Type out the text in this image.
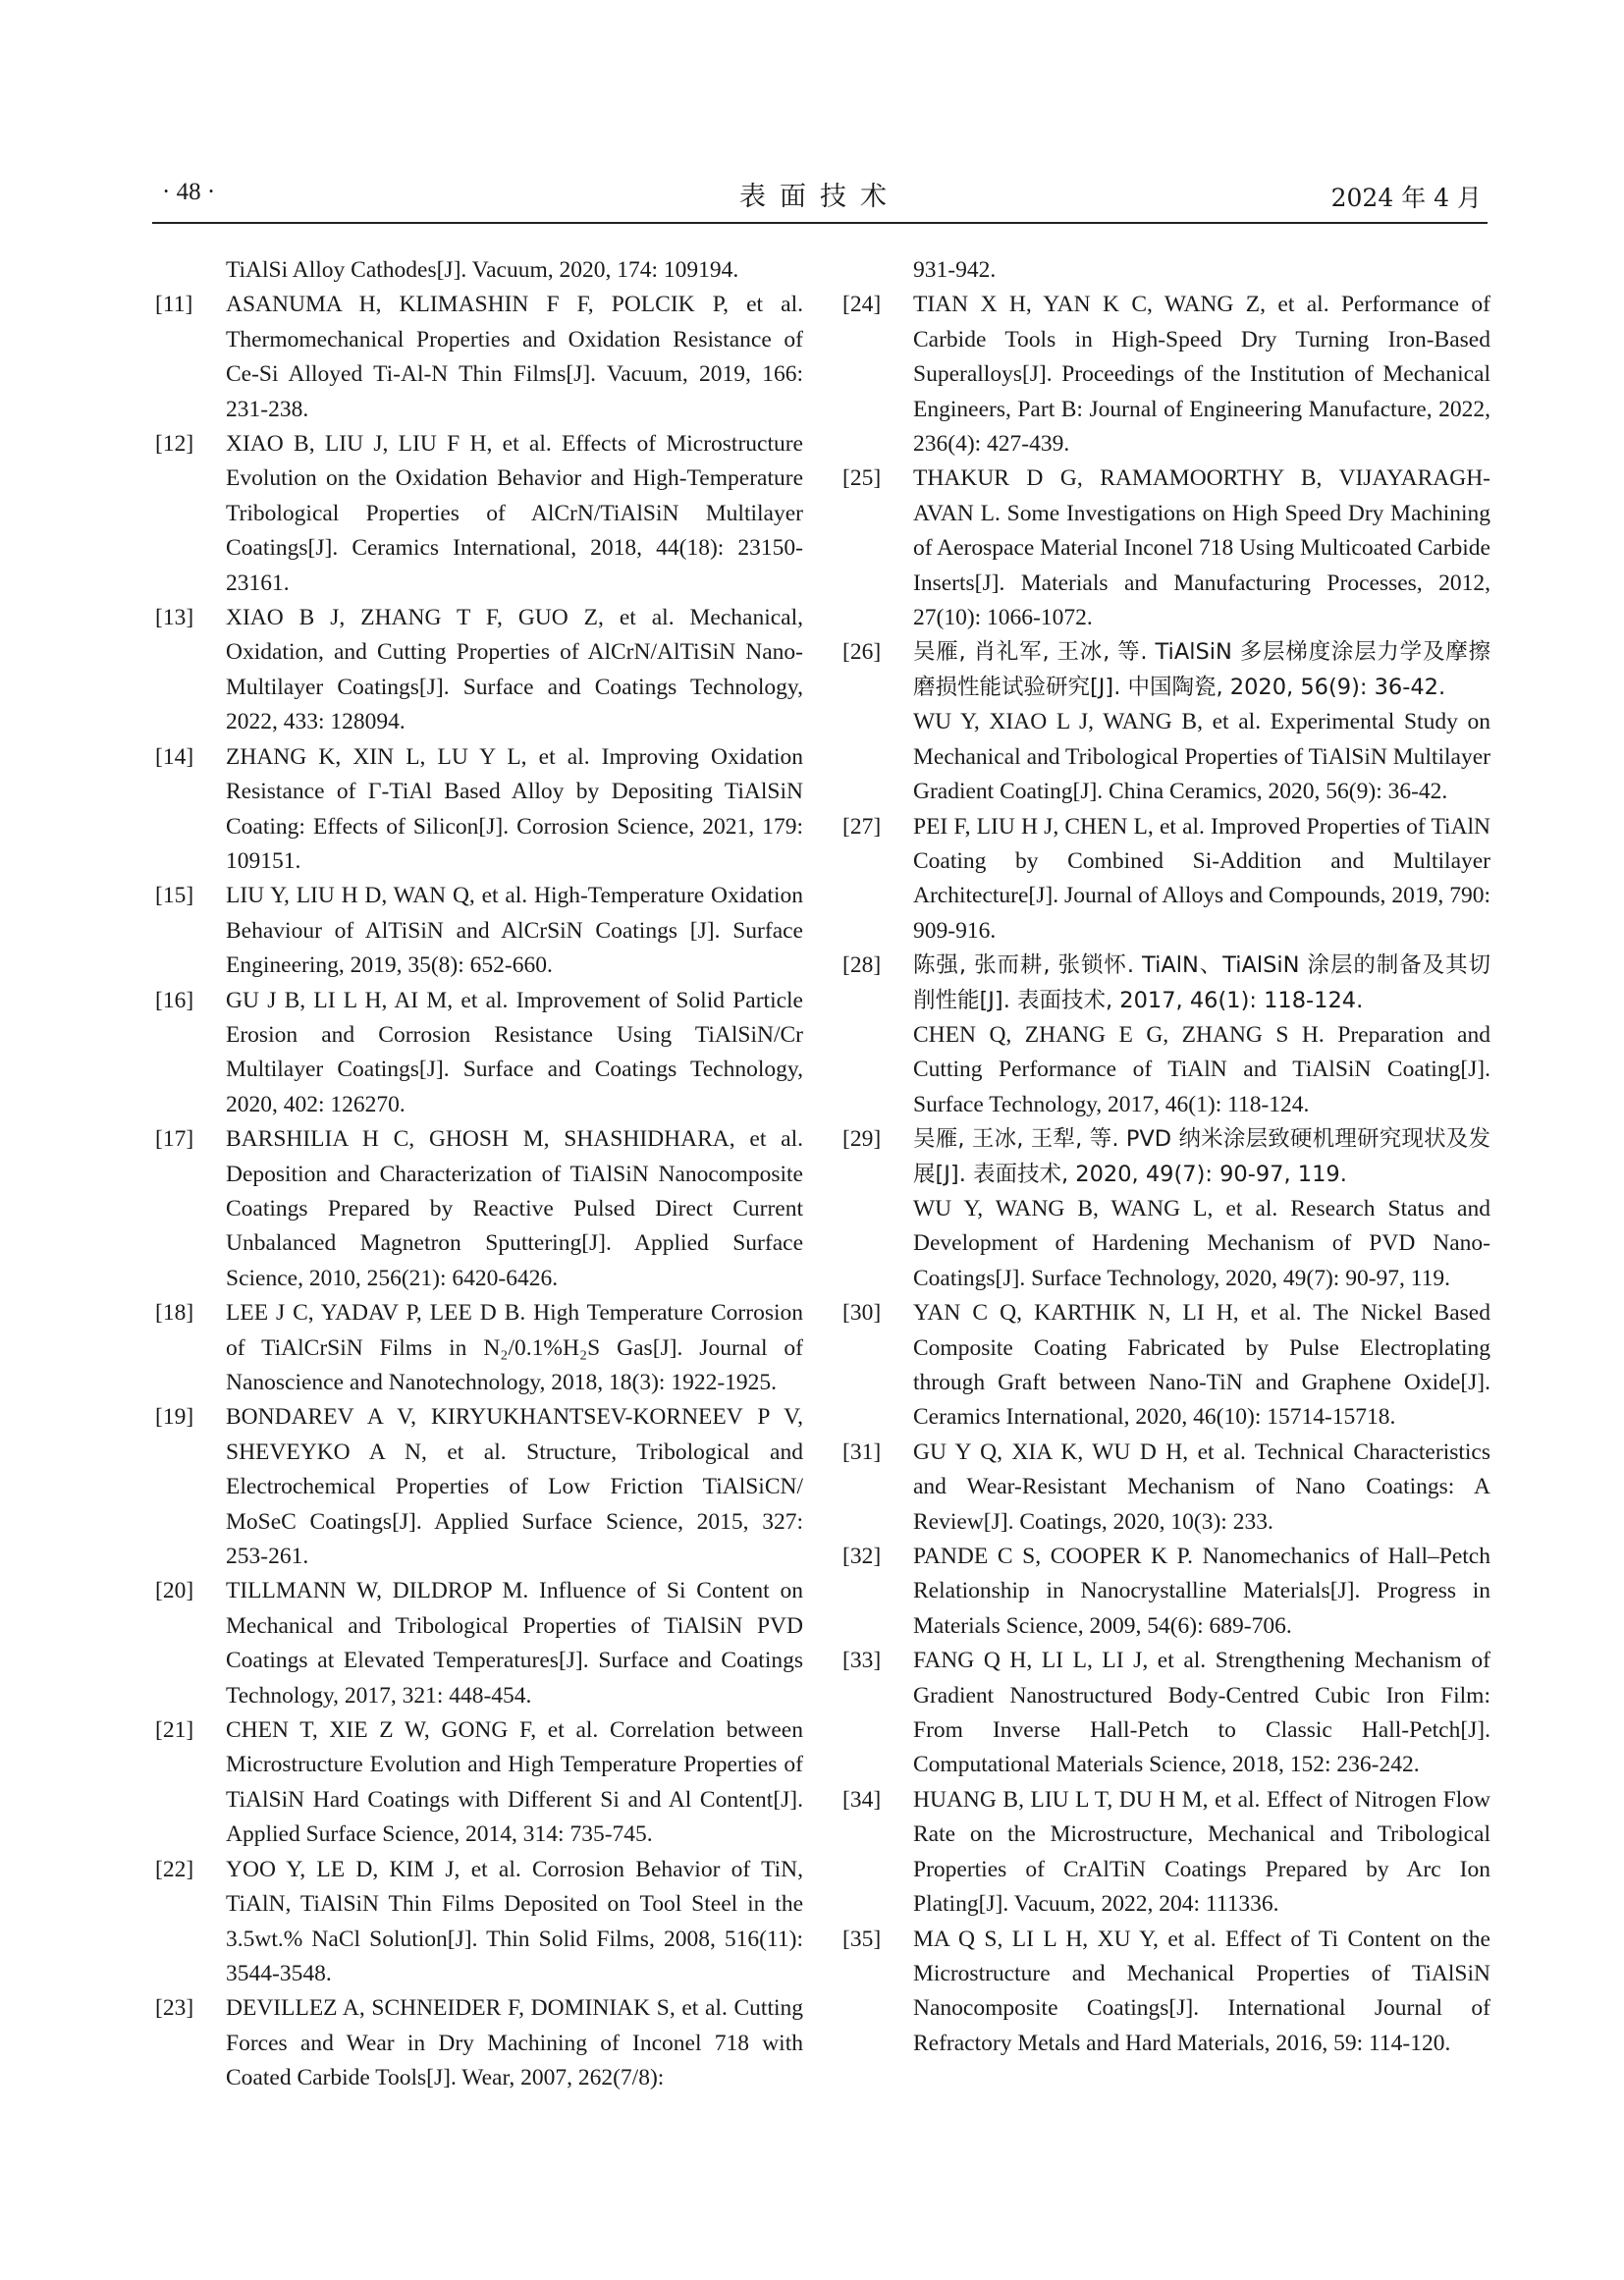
· 48 ·	表面技术	2024 年 4 月
TiAlSi Alloy Cathodes[J]. Vacuum, 2020, 174: 109194.
[11] ASANUMA H, KLIMASHIN F F, POLCIK P, et al. Thermomechanical Properties and Oxidation Resistance of Ce-Si Alloyed Ti-Al-N Thin Films[J]. Vacuum, 2019, 166: 231-238.
[12] XIAO B, LIU J, LIU F H, et al. Effects of Microstructure Evolution on the Oxidation Behavior and High-Temperature Tribological Properties of AlCrN/TiAlSiN Multilayer Coatings[J]. Ceramics International, 2018, 44(18): 23150-23161.
[13] XIAO B J, ZHANG T F, GUO Z, et al. Mechanical, Oxidation, and Cutting Properties of AlCrN/AlTiSiN Nano-Multilayer Coatings[J]. Surface and Coatings Technology, 2022, 433: 128094.
[14] ZHANG K, XIN L, LU Y L, et al. Improving Oxidation Resistance of Γ-TiAl Based Alloy by Depositing TiAlSiN Coating: Effects of Silicon[J]. Corrosion Science, 2021, 179: 109151.
[15] LIU Y, LIU H D, WAN Q, et al. High-Temperature Oxidation Behaviour of AlTiSiN and AlCrSiN Coatings [J]. Surface Engineering, 2019, 35(8): 652-660.
[16] GU J B, LI L H, AI M, et al. Improvement of Solid Particle Erosion and Corrosion Resistance Using TiAlSiN/Cr Multilayer Coatings[J]. Surface and Coatings Technology, 2020, 402: 126270.
[17] BARSHILIA H C, GHOSH M, SHASHIDHARA, et al. Deposition and Characterization of TiAlSiN Nanocomposite Coatings Prepared by Reactive Pulsed Direct Current Unbalanced Magnetron Sputtering[J]. Applied Surface Science, 2010, 256(21): 6420-6426.
[18] LEE J C, YADAV P, LEE D B. High Temperature Corrosion of TiAlCrSiN Films in N₂/0.1%H₂S Gas[J]. Journal of Nanoscience and Nanotechnology, 2018, 18(3): 1922-1925.
[19] BONDAREV A V, KIRYUKHANTSEV-KORNEEV P V, SHEVEYKO A N, et al. Structure, Tribological and Electrochemical Properties of Low Friction TiAlSiCN/ MoSeC Coatings[J]. Applied Surface Science, 2015, 327: 253-261.
[20] TILLMANN W, DILDROP M. Influence of Si Content on Mechanical and Tribological Properties of TiAlSiN PVD Coatings at Elevated Temperatures[J]. Surface and Coatings Technology, 2017, 321: 448-454.
[21] CHEN T, XIE Z W, GONG F, et al. Correlation between Microstructure Evolution and High Temperature Properties of TiAlSiN Hard Coatings with Different Si and Al Content[J]. Applied Surface Science, 2014, 314: 735-745.
[22] YOO Y, LE D, KIM J, et al. Corrosion Behavior of TiN, TiAlN, TiAlSiN Thin Films Deposited on Tool Steel in the 3.5wt.% NaCl Solution[J]. Thin Solid Films, 2008, 516(11): 3544-3548.
[23] DEVILLEZ A, SCHNEIDER F, DOMINIAK S, et al. Cutting Forces and Wear in Dry Machining of Inconel 718 with Coated Carbide Tools[J]. Wear, 2007, 262(7/8):
931-942.
[24] TIAN X H, YAN K C, WANG Z, et al. Performance of Carbide Tools in High-Speed Dry Turning Iron-Based Superalloys[J]. Proceedings of the Institution of Mechanical Engineers, Part B: Journal of Engineering Manufacture, 2022, 236(4): 427-439.
[25] THAKUR D G, RAMAMOORTHY B, VIJAYARAGH-AVAN L. Some Investigations on High Speed Dry Machining of Aerospace Material Inconel 718 Using Multicoated Carbide Inserts[J]. Materials and Manufacturing Processes, 2012, 27(10): 1066-1072.
[26] 吴雁, 肖礼军, 王冰, 等. TiAlSiN 多层梯度涂层力学及摩擦磨损性能试验研究[J]. 中国陶瓷, 2020, 56(9): 36-42.
WU Y, XIAO L J, WANG B, et al. Experimental Study on Mechanical and Tribological Properties of TiAlSiN Multilayer Gradient Coating[J]. China Ceramics, 2020, 56(9): 36-42.
[27] PEI F, LIU H J, CHEN L, et al. Improved Properties of TiAlN Coating by Combined Si-Addition and Multilayer Architecture[J]. Journal of Alloys and Compounds, 2019, 790: 909-916.
[28] 陈强, 张而耕, 张锁怀. TiAlN、TiAlSiN 涂层的制备及其切削性能[J]. 表面技术, 2017, 46(1): 118-124.
CHEN Q, ZHANG E G, ZHANG S H. Preparation and Cutting Performance of TiAlN and TiAlSiN Coating[J]. Surface Technology, 2017, 46(1): 118-124.
[29] 吴雁, 王冰, 王犁, 等. PVD 纳米涂层致硬机理研究现状及发展[J]. 表面技术, 2020, 49(7): 90-97, 119.
WU Y, WANG B, WANG L, et al. Research Status and Development of Hardening Mechanism of PVD Nano-Coatings[J]. Surface Technology, 2020, 49(7): 90-97, 119.
[30] YAN C Q, KARTHIK N, LI H, et al. The Nickel Based Composite Coating Fabricated by Pulse Electroplating through Graft between Nano-TiN and Graphene Oxide[J]. Ceramics International, 2020, 46(10): 15714-15718.
[31] GU Y Q, XIA K, WU D H, et al. Technical Characteristics and Wear-Resistant Mechanism of Nano Coatings: A Review[J]. Coatings, 2020, 10(3): 233.
[32] PANDE C S, COOPER K P. Nanomechanics of Hall–Petch Relationship in Nanocrystalline Materials[J]. Progress in Materials Science, 2009, 54(6): 689-706.
[33] FANG Q H, LI L, LI J, et al. Strengthening Mechanism of Gradient Nanostructured Body-Centred Cubic Iron Film: From Inverse Hall-Petch to Classic Hall-Petch[J]. Computational Materials Science, 2018, 152: 236-242.
[34] HUANG B, LIU L T, DU H M, et al. Effect of Nitrogen Flow Rate on the Microstructure, Mechanical and Tribological Properties of CrAlTiN Coatings Prepared by Arc Ion Plating[J]. Vacuum, 2022, 204: 111336.
[35] MA Q S, LI L H, XU Y, et al. Effect of Ti Content on the Microstructure and Mechanical Properties of TiAlSiN Nanocomposite Coatings[J]. International Journal of Refractory Metals and Hard Materials, 2016, 59: 114-120.
